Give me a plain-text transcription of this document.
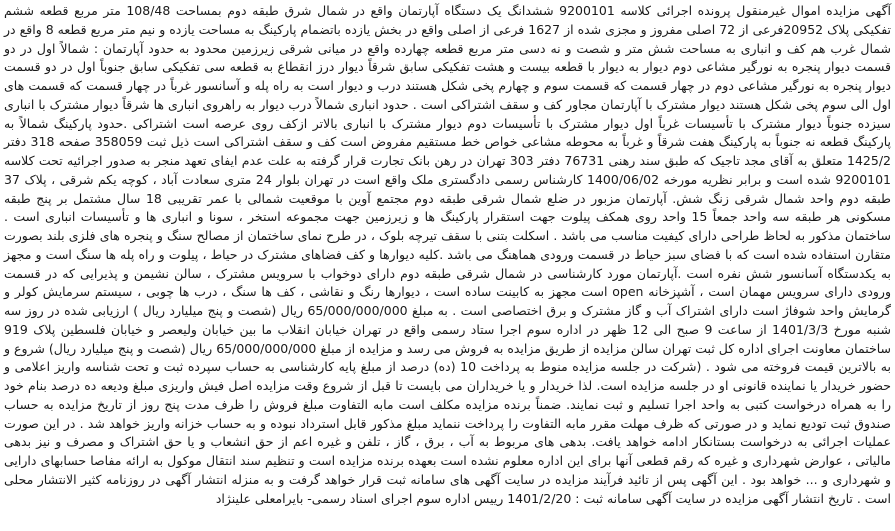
آگهی مزایده اموال غیرمنقول پرونده اجرائی کلاسه 9200101 ششدانگ یک دستگاه آپارتمان واقع در شمال شرق طبقه دوم بمساحت 108/48 متر مربع قطعه ششم تفکیکی پلاک 20952فرعی از 72 اصلی مفروز و مجزی شده از 1627 فرعی از اصلی واقع در بخش یازده باتضمام پارکینگ به مساحت یازده و نیم متر مربع قطعه 8 واقع در شمال غرب هم کف و انباری به مساحت شش متر و شصت و نه دسی متر مربع قطعه چهارده واقع در میانی شرقی زیرزمین محدود به حدود آپارتمان : شمالاً اول در دو قسمت دیوار پنجره به نورگیر مشاعی دوم دیوار به دیوار با قطعه بیست و هشت تفکیکی سابق شرقاً دیوار درز انقطاع به قطعه سی تفکیکی سابق جنوباً اول در دو قسمت دیوار پنجره به نورگیر مشاعی دوم در چهار قسمت که قسمت سوم و چهارم پخی شکل هستند درب و دیوار است به راه پله و آسانسور غرباً در چهار قسمت که قسمت های اول الی سوم پخی شکل هستند دیوار مشترک با آپارتمان مجاور کف و سقف اشتراکی است . حدود انباری شمالاً درب دیوار به راهروی انباری ها شرقاً دیوار مشترک با انباری سیزده جنوباً دیوار مشترک با تأسیسات غرباً اول دیوار مشترک با تأسیسات دوم دیوار مشترک با انباری بالاتر ازکف روی عرصه است اشتراکی .حدود پارکینگ شمالاً به پارکینگ قطعه نه جنوباً به پارکینگ هفت شرقاً و غرباً به محوطه مشاعی خواص خط مستقیم مفروض است کف و سقف اشتراکی است ذیل ثبت 358059 صفحه 318 دفتر 1425/2 متعلق به آقای مجد تاجیک که طبق سند رهنی 76731 دفتر 303 تهران در رهن بانک تجارت قرار گرفته به علت عدم ایفای تعهد منجر به صدور اجرائیه تحت کلاسه 9200101 شده است و برابر نظریه مورخه 1400/06/02 کارشناس رسمی دادگستری ملک واقع است در تهران بلوار 24 متری سعادت آباد ، کوچه یکم شرقی ، پلاک 37 طبقه دوم واحد شمال شرقی زنگ شش. آپارتمان مزبور در ضلع شمال شرقی طبقه دوم مجتمع آوین با موقعیت شمالی با عمر تقریبی 18 سال مشتمل بر پنج طبقه مسکونی هر طبقه سه واحد جمعاً 15 واحد روی همکف پیلوت جهت استقرار پارکینگ ها و زیرزمین جهت مجموعه استخر ، سونا و انباری ها و تأسیسات انباری است . ساختمان مذکور به لحاظ طراحی دارای کیفیت مناسب می باشد . اسکلت بتنی با سقف تیرچه بلوک ، در طرح نمای ساختمان از مصالح سنگ و پنجره های فلزی بلند بصورت متقارن استفاده شده است که با فضای سبز حیاط در قسمت ورودی هماهنگ می باشد .کلیه دیوارها و کف فضاهای مشترک در حیاط ، پیلوت و راه پله ها سنگ است و مجهز به یکدستگاه آسانسور شش نفره است .آپارتمان مورد کارشناسی در شمال شرقی طبقه دوم دارای دوخواب با سرویس مشترک ، سالن نشیمن و پذیرایی که در قسمت ورودی دارای سرویس مهمان است ، آشپزخانه open است مجهز به کابینت ساده است ، دیوارها رنگ و نقاشی ، کف ها سنگ ، درب ها چوبی ، سیستم سرمایش کولر و گرمایش واحد شوفاژ است دارای اشتراک آب و گاز مشترک و برق اختصاصی است . به مبلغ 65/000/000/000 ریال (شصت و پنج میلیارد ریال ) ارزیابی شده در روز سه شنبه مورخ 1401/3/3 از ساعت 9 صبح الی 12 ظهر در اداره سوم اجرا ستاد رسمی واقع در تهران خیابان انقلاب ما بین خیابان ولیعصر و خیابان فلسطین پلاک 919 ساختمان معاونت اجرای اداره کل ثبت تهران سالن مزایده از طریق مزایده به فروش می رسد و مزایده از مبلغ 65/000/000/000 ریال (شصت و پنج میلیارد ریال) شروع و به بالاترین قیمت فروخته می شود . (شرکت در جلسه مزایده منوط به پرداخت 10 (ده) درصد از مبلغ پایه کارشناسی به حساب سپرده ثبت و تحت شناسه واریز اعلامی و حضور خریدار یا نماینده قانونی او در جلسه مزایده است. لذا خریدار و یا خریداران می بایست تا قبل از شروع وقت مزایده اصل فیش واریزی مبلغ ودیعه ده درصد بنام خود را به همراه درخواست کتبی به واحد اجرا تسلیم و ثبت نمایند. ضمناً برنده مزایده مکلف است مابه التفاوت مبلغ فروش را ظرف مدت پنج روز از تاریخ مزایده به حساب صندوق ثبت تودیع نماید و در صورتی که ظرف مهلت مقرر مابه التفاوت را پرداخت ننماید مبلغ مذکور قابل استرداد نبوده و به حساب خزانه واریز خواهد شد . در این صورت عملیات اجرائی به درخواست بستانکار ادامه خواهد یافت. بدهی های مربوط به آب ، برق ، گاز ، تلفن و غیره اعم از حق انشعاب و یا حق اشتراک و مصرف و نیز بدهی مالیاتی ، عوارض شهرداری و غیره که رقم قطعی آنها برای این اداره معلوم نشده است بعهده برنده مزایده است و تنظیم سند انتقال موکول به ارائه مفاصا حسابهای دارایی و شهرداری و ... خواهد بود . این آگهی پس از تائید فرآیند مزایده در سایت آگهی های سامانه ثبت قرار خواهد گرفت و به منزله انتشار آگهی در روزنامه کثیر الانتشار محلی است . تاریخ انتشار آگهی مزایده در سایت آگهی سامانه ثبت : 1401/2/20 رییس اداره سوم اجرای اسناد رسمی- بایرامعلی علینژاد
